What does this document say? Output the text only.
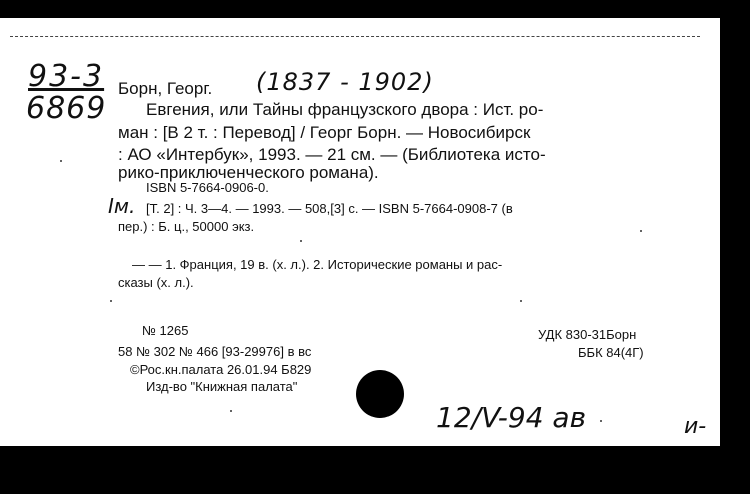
93-3
6869
Борн, Георг. (1837 - 1902)
Евгения, или Тайны французского двора : Ист. ро-
ман : [В 2 т. : Перевод] / Георг Борн. — Новосибирск
: АО «Интербук», 1993. — 21 см. — (Библиотека исто-
рико-приключенческого романа).
ISBN 5-7664-0906-0.
Ім. [Т. 2] : Ч. 3—4. — 1993. — 508,[3] с. — ISBN 5-7664-0908-7 (в
пер.) : Б. ц., 50000 экз.
— — 1. Франция, 19 в. (х. л.). 2. Исторические романы и рас-
сказы (х. л.).
№ 1265
58 № 302 № 466 [93-29976] в вс
©Рос.кн.палата 26.01.94 Б829
Изд-во "Книжная палата"
УДК 830-31Борн
ББК 84(4Г)
12/V-94 ав	и-
